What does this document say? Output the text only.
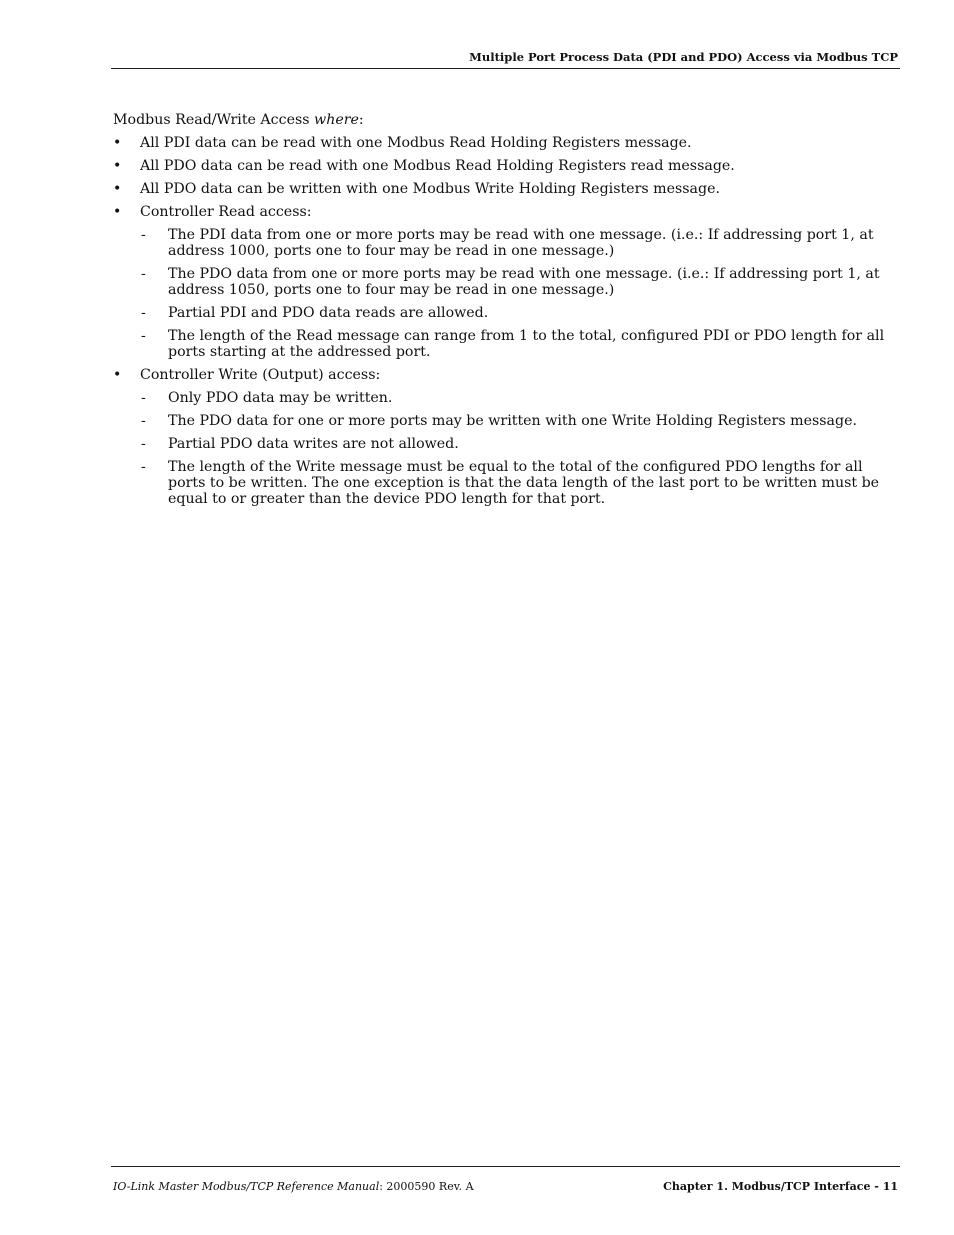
Multiple Port Process Data (PDI and PDO) Access via Modbus TCP

Modbus Read/Write Access where:

• All PDI data can be read with one Modbus Read Holding Registers message.
• All PDO data can be read with one Modbus Read Holding Registers read message.
• All PDO data can be written with one Modbus Write Holding Registers message.
• Controller Read access:
- The PDI data from one or more ports may be read with one message. (i.e.: If addressing port 1, at address 1000, ports one to four may be read in one message.)
- The PDO data from one or more ports may be read with one message. (i.e.: If addressing port 1, at address 1050, ports one to four may be read in one message.)
- Partial PDI and PDO data reads are allowed.
- The length of the Read message can range from 1 to the total, configured PDI or PDO length for all ports starting at the addressed port.
• Controller Write (Output) access:
- Only PDO data may be written.
- The PDO data for one or more ports may be written with one Write Holding Registers message.
- Partial PDO data writes are not allowed.
- The length of the Write message must be equal to the total of the configured PDO lengths for all ports to be written. The one exception is that the data length of the last port to be written must be equal to or greater than the device PDO length for that port.
IO-Link Master Modbus/TCP Reference Manual: 2000590 Rev. A	Chapter 1. Modbus/TCP Interface - 11
